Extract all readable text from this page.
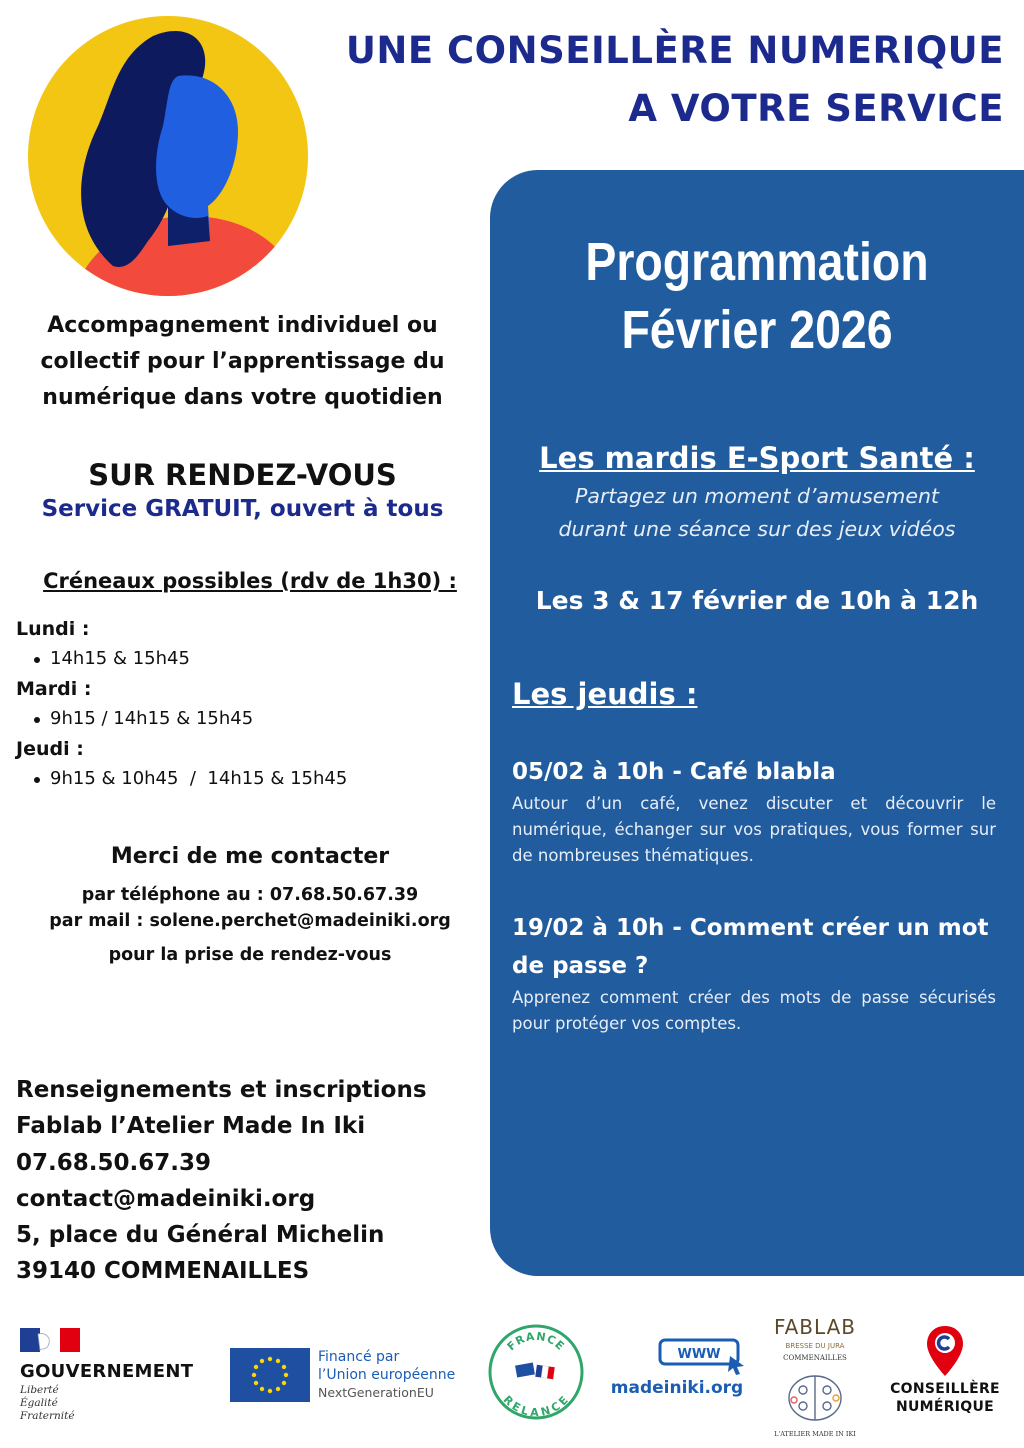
UNE CONSEILLÈRE NUMERIQUE
A VOTRE SERVICE
Accompagnement individuel ou
collectif pour l’apprentissage du
numérique dans votre quotidien
SUR RENDEZ-VOUS
Service GRATUIT, ouvert à tous
Créneaux possibles (rdv de 1h30) :
Lundi :
14h15 & 15h45
Mardi :
9h15 / 14h15 & 15h45
Jeudi :
9h15 & 10h45  /  14h15 & 15h45
Merci de me contacter
par téléphone au : 07.68.50.67.39
par mail : solene.perchet@madeiniki.org
pour la prise de rendez-vous
Renseignements et inscriptions
Fablab l’Atelier Made In Iki
07.68.50.67.39
contact@madeiniki.org
5, place du Général Michelin
39140 COMMENAILLES
Programmation
Février 2026
Les mardis E-Sport Santé :
Partagez un moment d’amusement
durant une séance sur des jeux vidéos
Les 3 & 17 février de 10h à 12h
Les jeudis :
05/02 à 10h - Café blabla
Autour d’un café, venez discuter et découvrir le numérique, échanger sur vos pratiques, vous former sur de nombreuses thématiques.
19/02 à 10h - Comment créer un mot de passe ?
Apprenez comment créer des mots de passe sécurisés pour protéger vos comptes.
GOUVERNEMENT
Liberté
Égalité
Fraternité
Financé par
l’Union européenne
NextGenerationEU
FRANCE
RELANCE
WWW
madeiniki.org
FABLAB
BRESSE DU JURA
COMMENAILLES
L'ATELIER MADE IN IKI
CONSEILLÈRE
NUMÉRIQUE
